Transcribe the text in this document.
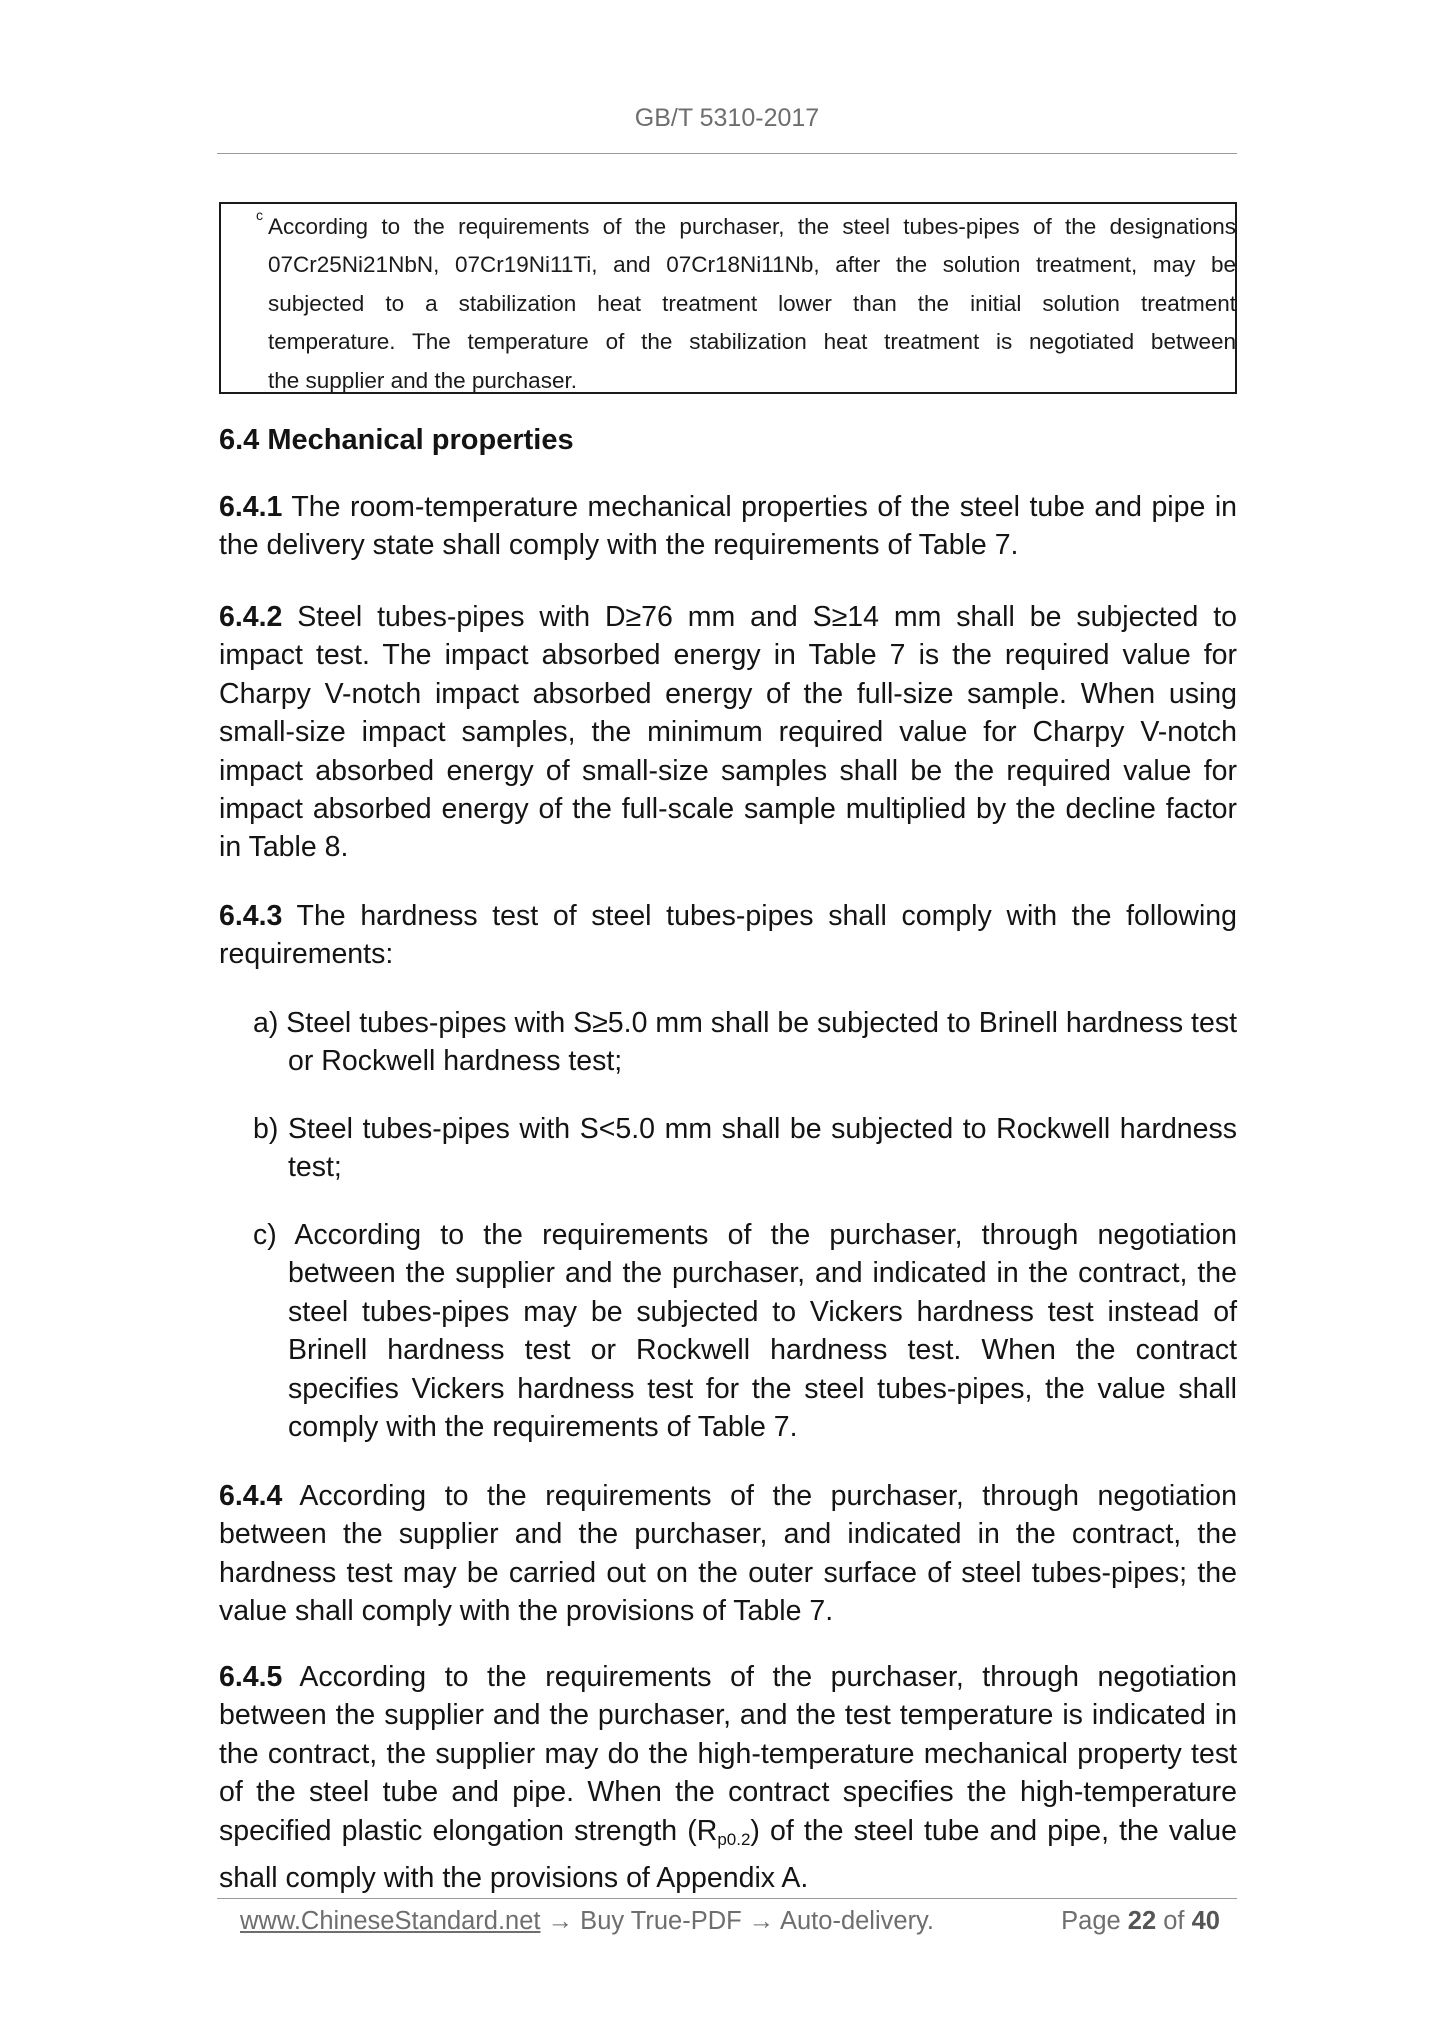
GB/T 5310-2017
c According to the requirements of the purchaser, the steel tubes-pipes of the designations
07Cr25Ni21NbN, 07Cr19Ni11Ti, and 07Cr18Ni11Nb, after the solution treatment, may be
subjected to a stabilization heat treatment lower than the initial solution treatment
temperature. The temperature of the stabilization heat treatment is negotiated between
the supplier and the purchaser.
6.4 Mechanical properties
6.4.1 The room-temperature mechanical properties of the steel tube and pipe in the delivery state shall comply with the requirements of Table 7.
6.4.2 Steel tubes-pipes with D≥76 mm and S≥14 mm shall be subjected to impact test. The impact absorbed energy in Table 7 is the required value for Charpy V-notch impact absorbed energy of the full-size sample. When using small-size impact samples, the minimum required value for Charpy V-notch impact absorbed energy of small-size samples shall be the required value for impact absorbed energy of the full-scale sample multiplied by the decline factor in Table 8.
6.4.3 The hardness test of steel tubes-pipes shall comply with the following requirements:
a) Steel tubes-pipes with S≥5.0 mm shall be subjected to Brinell hardness test or Rockwell hardness test;
b) Steel tubes-pipes with S<5.0 mm shall be subjected to Rockwell hardness test;
c) According to the requirements of the purchaser, through negotiation between the supplier and the purchaser, and indicated in the contract, the steel tubes-pipes may be subjected to Vickers hardness test instead of Brinell hardness test or Rockwell hardness test. When the contract specifies Vickers hardness test for the steel tubes-pipes, the value shall comply with the requirements of Table 7.
6.4.4 According to the requirements of the purchaser, through negotiation between the supplier and the purchaser, and indicated in the contract, the hardness test may be carried out on the outer surface of steel tubes-pipes; the value shall comply with the provisions of Table 7.
6.4.5 According to the requirements of the purchaser, through negotiation between the supplier and the purchaser, and the test temperature is indicated in the contract, the supplier may do the high-temperature mechanical property test of the steel tube and pipe. When the contract specifies the high-temperature specified plastic elongation strength $(R_{p0.2})$ of the steel tube and pipe, the value shall comply with the provisions of Appendix A.
www.ChineseStandard.net → Buy True-PDF → Auto-delivery.	Page 22 of 40
